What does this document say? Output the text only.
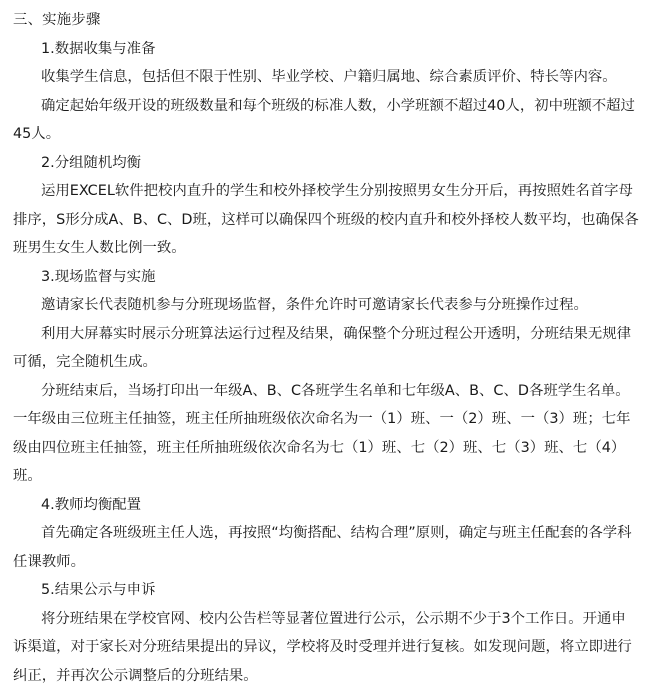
三、实施步骤
1.数据收集与准备
收集学生信息，包括但不限于性别、毕业学校、户籍归属地、综合素质评价、特长等内容。
确定起始年级开设的班级数量和每个班级的标准人数，小学班额不超过40人，初中班额不超过
45人。
2.分组随机均衡
运用EXCEL软件把校内直升的学生和校外择校学生分别按照男女生分开后，再按照姓名首字母
排序，S形分成A、B、C、D班，这样可以确保四个班级的校内直升和校外择校人数平均，也确保各
班男生女生人数比例一致。
3.现场监督与实施
邀请家长代表随机参与分班现场监督，条件允许时可邀请家长代表参与分班操作过程。
利用大屏幕实时展示分班算法运行过程及结果，确保整个分班过程公开透明，分班结果无规律
可循，完全随机生成。
分班结束后，当场打印出一年级A、B、C各班学生名单和七年级A、B、C、D各班学生名单。
一年级由三位班主任抽签，班主任所抽班级依次命名为一（1）班、一（2）班、一（3）班；七年
级由四位班主任抽签，班主任所抽班级依次命名为七（1）班、七（2）班、七（3）班、七（4）
班。
4.教师均衡配置
首先确定各班级班主任人选，再按照“均衡搭配、结构合理”原则，确定与班主任配套的各学科
任课教师。
5.结果公示与申诉
将分班结果在学校官网、校内公告栏等显著位置进行公示，公示期不少于3个工作日。开通申
诉渠道，对于家长对分班结果提出的异议，学校将及时受理并进行复核。如发现问题，将立即进行
纠正，并再次公示调整后的分班结果。
